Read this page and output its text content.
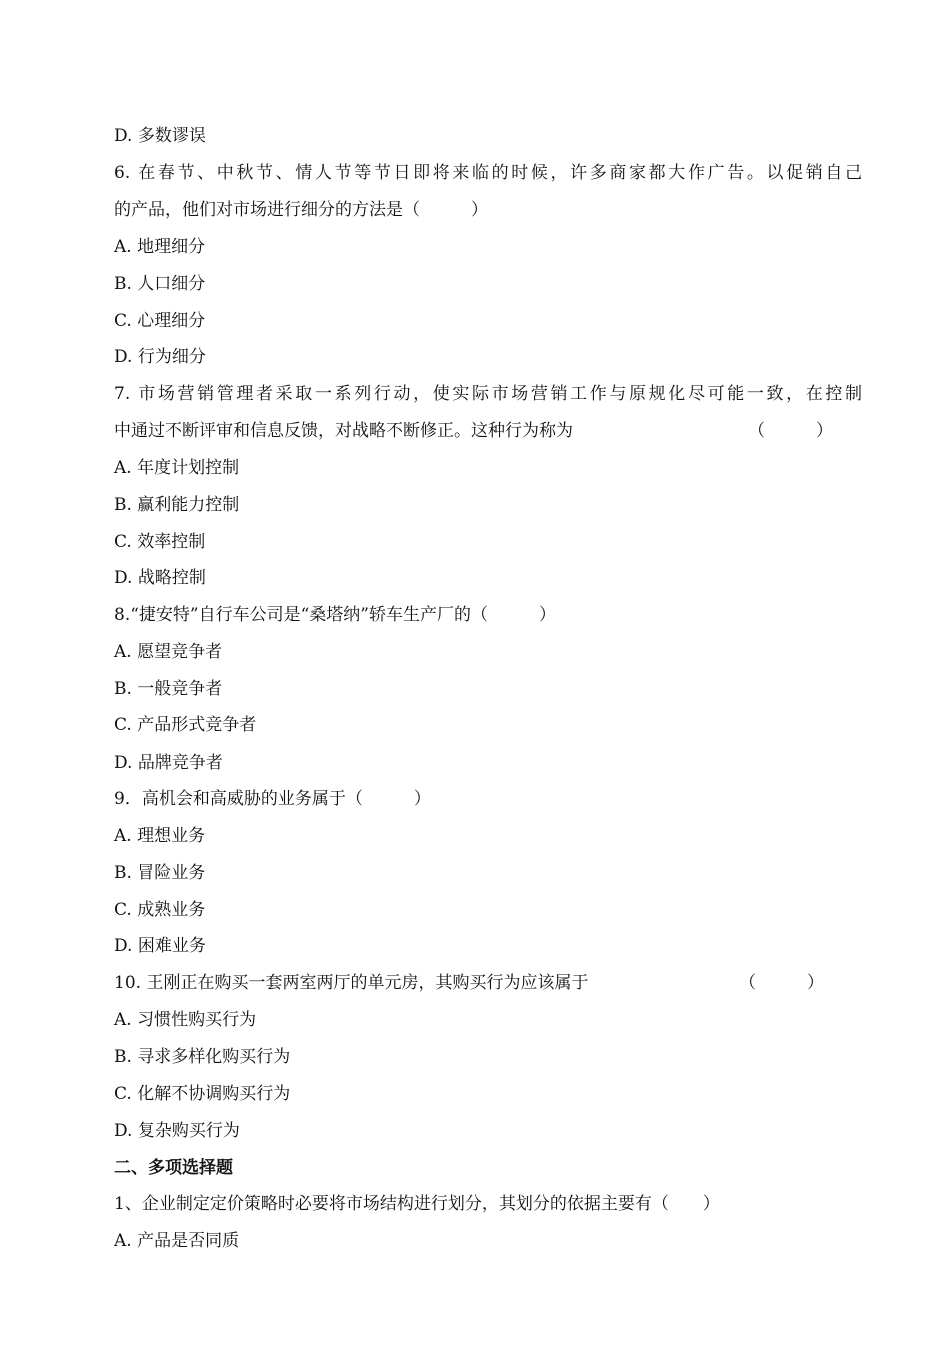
D. 多数谬误
6. 在春节、中秋节、情人节等节日即将来临的时候，许多商家都大作广告。以促销自己
的产品，他们对市场进行细分的方法是（　　　）
A. 地理细分
B. 人口细分
C. 心理细分
D. 行为细分
7. 市场营销管理者采取一系列行动，使实际市场营销工作与原规化尽可能一致，在控制
中通过不断评审和信息反馈，对战略不断修正。这种行为称为	（　　　）
A. 年度计划控制
B. 赢利能力控制
C. 效率控制
D. 战略控制
8.“捷安特”自行车公司是“桑塔纳”轿车生产厂的（　　　）
A. 愿望竞争者
B. 一般竞争者
C. 产品形式竞争者
D. 品牌竞争者
9．高机会和高威胁的业务属于（　　　）
A. 理想业务
B. 冒险业务
C. 成熟业务
D. 困难业务
10. 王刚正在购买一套两室两厅的单元房，其购买行为应该属于	（　　　）
A. 习惯性购买行为
B. 寻求多样化购买行为
C. 化解不协调购买行为
D. 复杂购买行为
二、多项选择题
1、企业制定定价策略时必要将市场结构进行划分，其划分的依据主要有（　　）
A. 产品是否同质
